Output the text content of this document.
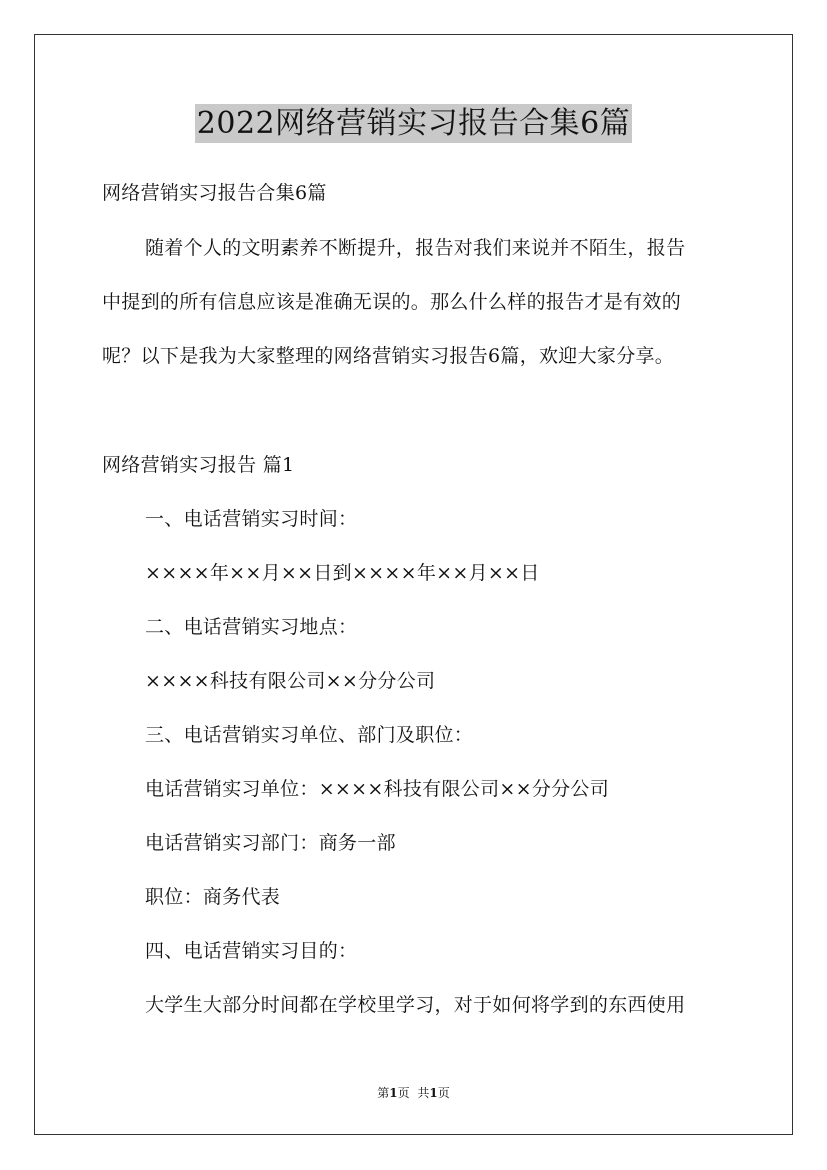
2022网络营销实习报告合集6篇
网络营销实习报告合集6篇
随着个人的文明素养不断提升，报告对我们来说并不陌生，报告
中提到的所有信息应该是准确无误的。那么什么样的报告才是有效的
呢？以下是我为大家整理的网络营销实习报告6篇，欢迎大家分享。
网络营销实习报告 篇1
一、电话营销实习时间：
××××年××月××日到××××年××月××日
二、电话营销实习地点：
××××科技有限公司××分分公司
三、电话营销实习单位、部门及职位：
电话营销实习单位：××××科技有限公司××分分公司
电话营销实习部门：商务一部
职位：商务代表
四、电话营销实习目的：
大学生大部分时间都在学校里学习，对于如何将学到的东西使用
第1页 共1页
